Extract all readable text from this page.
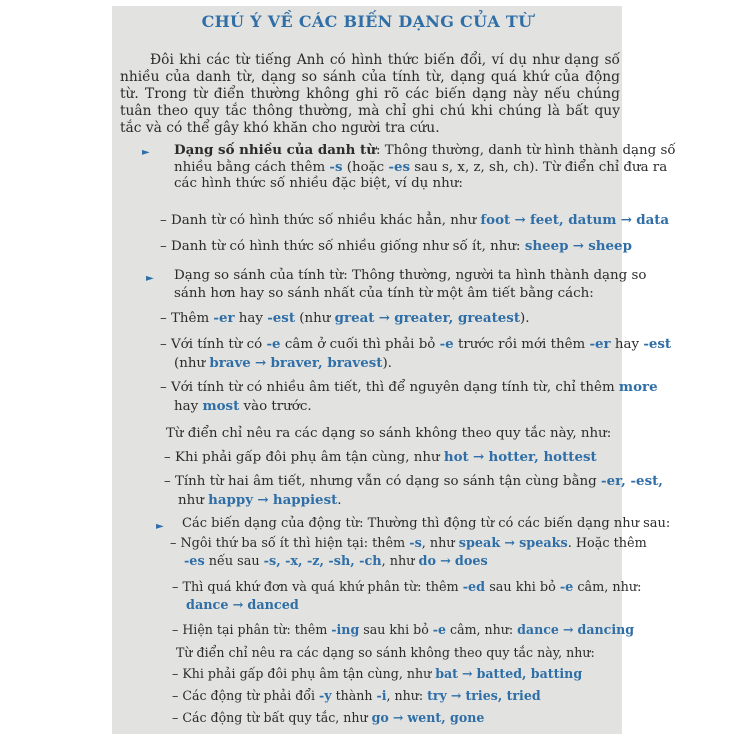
CHÚ Ý VỀ CÁC BIẾN DẠNG CỦA TỪ
Đôi khi các từ tiếng Anh có hình thức biến đổi, ví dụ như dạng số nhiều của danh từ, dạng so sánh của tính từ, dạng quá khứ của động từ. Trong từ điển thường không ghi rõ các biến dạng này nếu chúng tuân theo quy tắc thông thường, mà chỉ ghi chú khi chúng là bất quy tắc và có thể gây khó khăn cho người tra cứu.
► Dạng số nhiều của danh từ: Thông thường, danh từ hình thành dạng số
nhiều bằng cách thêm -s (hoặc -es sau s, x, z, sh, ch). Từ điển chỉ đưa ra
các hình thức số nhiều đặc biệt, ví dụ như:
– Danh từ có hình thức số nhiều khác hẳn, như foot → feet, datum → data
– Danh từ có hình thức số nhiều giống như số ít, như: sheep → sheep
► Dạng so sánh của tính từ: Thông thường, người ta hình thành dạng so
sánh hơn hay so sánh nhất của tính từ một âm tiết bằng cách:
– Thêm -er hay -est (như great → greater, greatest).
– Với tính từ có -e câm ở cuối thì phải bỏ -e trước rồi mới thêm -er hay -est
(như brave → braver, bravest).
– Với tính từ có nhiều âm tiết, thì để nguyên dạng tính từ, chỉ thêm more
hay most vào trước.
Từ điển chỉ nêu ra các dạng so sánh không theo quy tắc này, như:
– Khi phải gấp đôi phụ âm tận cùng, như hot → hotter, hottest
– Tính từ hai âm tiết, nhưng vẫn có dạng so sánh tận cùng bằng -er, -est,
như happy → happiest.
► Các biến dạng của động từ: Thường thì động từ có các biến dạng như sau:
– Ngôi thứ ba số ít thì hiện tại: thêm -s, như speak → speaks. Hoặc thêm
-es nếu sau -s, -x, -z, -sh, -ch, như do → does
– Thì quá khứ đơn và quá khứ phân từ: thêm -ed sau khi bỏ -e câm, như:
dance → danced
– Hiện tại phân từ: thêm -ing sau khi bỏ -e câm, như: dance → dancing
Từ điển chỉ nêu ra các dạng so sánh không theo quy tắc này, như:
– Khi phải gấp đôi phụ âm tận cùng, như bat → batted, batting
– Các động từ phải đổi -y thành -i, như: try → tries, tried
– Các động từ bất quy tắc, như go → went, gone
